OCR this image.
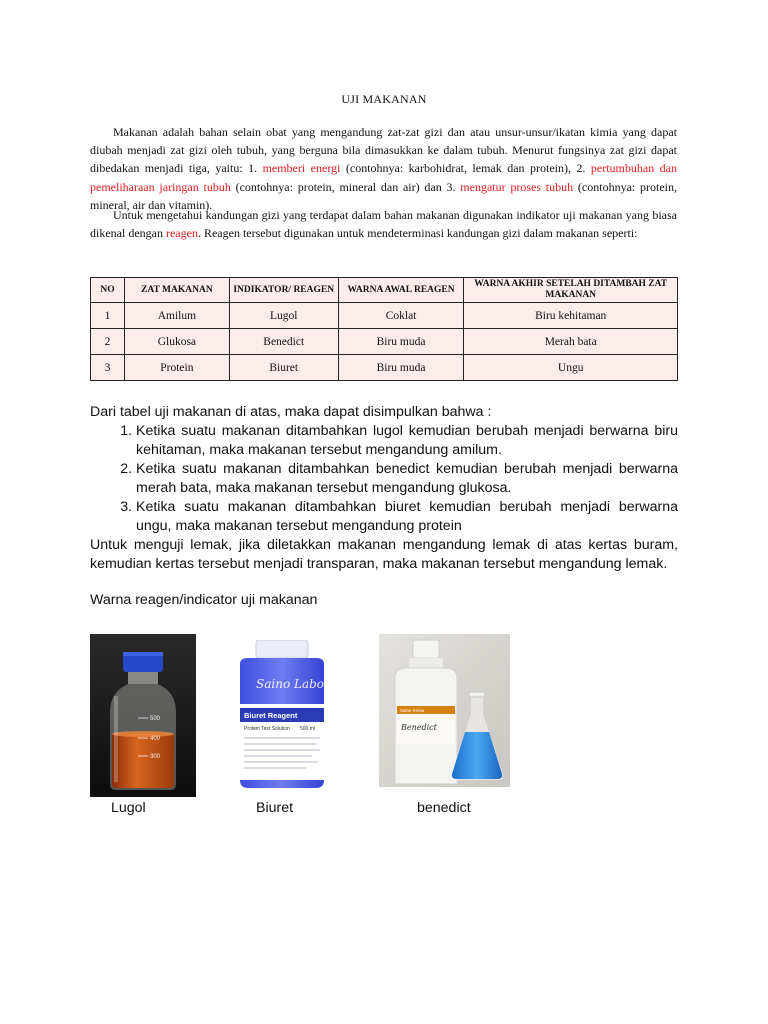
UJI MAKANAN

Makanan adalah bahan selain obat yang mengandung zat-zat gizi dan atau unsur-unsur/ikatan kimia yang dapat diubah menjadi zat gizi oleh tubuh, yang berguna bila dimasukkan ke dalam tubuh. Menurut fungsinya zat gizi dapat dibedakan menjadi tiga, yaitu: 1. memberi energi (contohnya: karbohidrat, lemak dan protein), 2. pertumbuhan dan pemeliharaan jaringan tubuh (contohnya: protein, mineral dan air) dan 3. mengatur proses tubuh (contohnya: protein, mineral, air dan vitamin).

Untuk mengetahui kandungan gizi yang terdapat dalam bahan makanan digunakan indikator uji makanan yang biasa dikenal dengan reagen. Reagen tersebut digunakan untuk mendeterminasi kandungan gizi dalam makanan seperti:

NO	ZAT MAKANAN	INDIKATOR/ REAGEN	WARNA AWAL REAGEN	WARNA AKHIR SETELAH DITAMBAH ZAT MAKANAN
1	Amilum	Lugol	Coklat	Biru kehitaman
2	Glukosa	Benedict	Biru muda	Merah bata
3	Protein	Biuret	Biru muda	Ungu
Dari tabel uji makanan di atas, maka dapat disimpulkan bahwa :
1. Ketika suatu makanan ditambahkan lugol kemudian berubah menjadi berwarna biru kehitaman, maka makanan tersebut mengandung amilum.
2. Ketika suatu makanan ditambahkan benedict kemudian berubah menjadi berwarna merah bata, maka makanan tersebut mengandung glukosa.
3. Ketika suatu makanan ditambahkan biuret kemudian berubah menjadi berwarna ungu, maka makanan tersebut mengandung protein
Untuk menguji lemak, jika diletakkan makanan mengandung lemak di atas kertas buram, kemudian kertas tersebut menjadi transparan, maka makanan tersebut mengandung lemak.
Warna reagen/indicator uji makanan
500
400
300
Saino Labor
Biuret Reagent
Protein Test Solution 500 ml
Saino Kimia
Benedict
Lugol	Biuret	benedict
